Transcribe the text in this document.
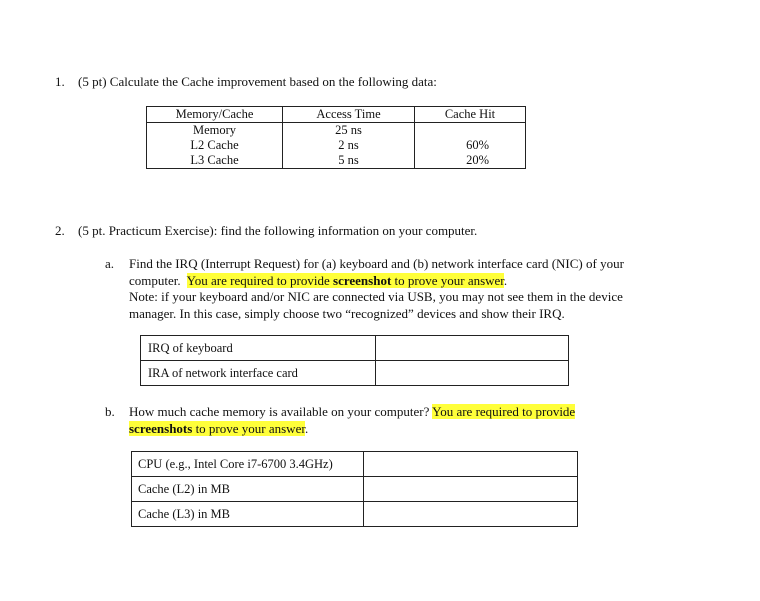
1. (5 pt) Calculate the Cache improvement based on the following data:
Memory/Cache	Access Time	Cache Hit
Memory	25 ns	
L2 Cache	2 ns	60%
L3 Cache	5 ns	20%
2. (5 pt. Practicum Exercise): find the following information on your computer.
a. Find the IRQ (Interrupt Request) for (a) keyboard and (b) network interface card (NIC) of your
computer. You are required to provide screenshot to prove your answer.
Note: if your keyboard and/or NIC are connected via USB, you may not see them in the device
manager. In this case, simply choose two “recognized” devices and show their IRQ.
IRQ of keyboard	
IRA of network interface card	
b. How much cache memory is available on your computer? You are required to provide
screenshots to prove your answer.
CPU (e.g., Intel Core i7-6700 3.4GHz)	
Cache (L2) in MB	
Cache (L3) in MB	
